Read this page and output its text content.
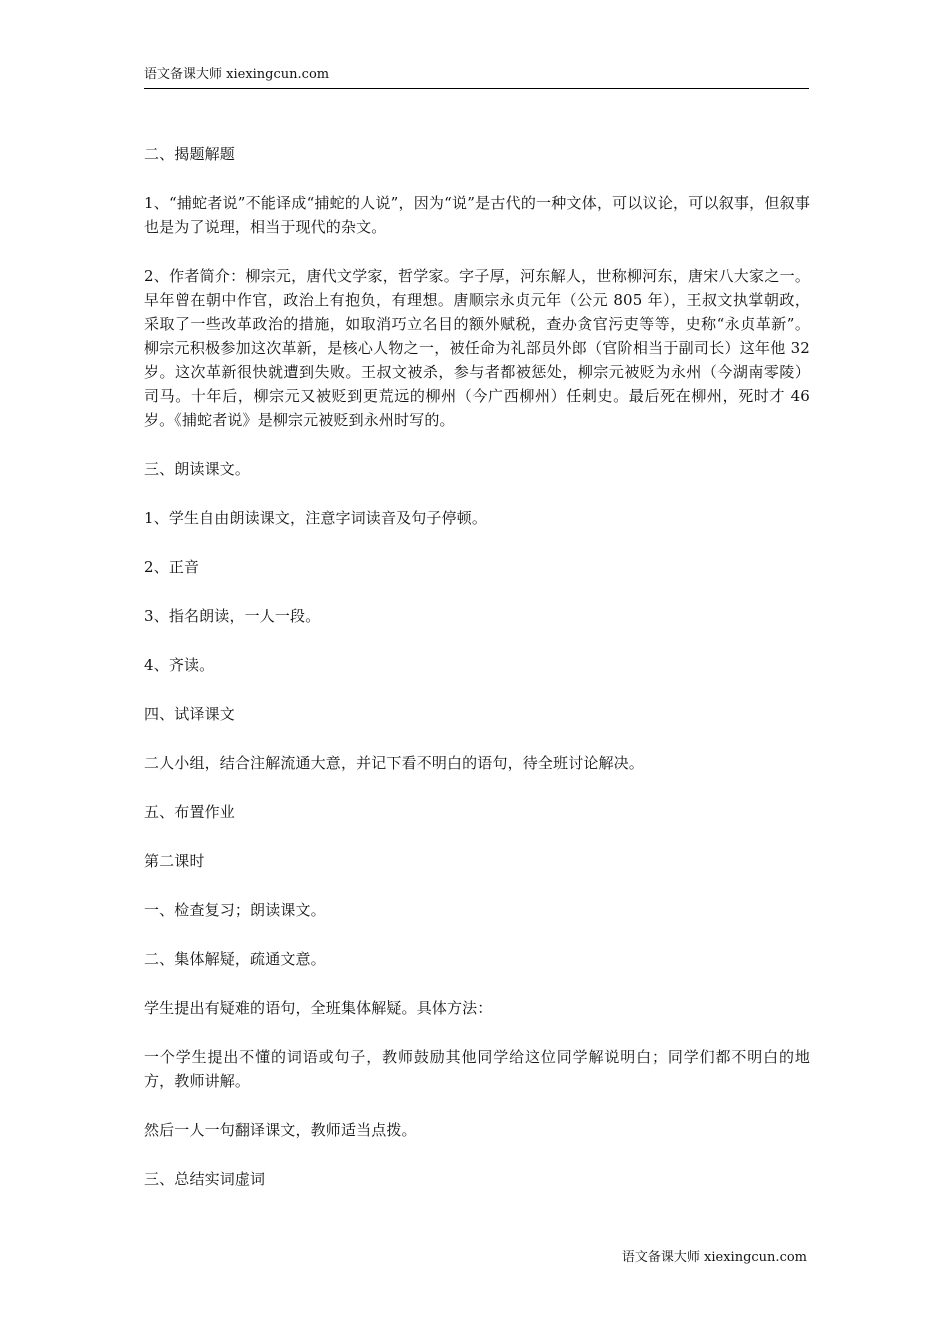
语文备课大师 xiexingcun.com

二、揭题解题

1、“捕蛇者说”不能译成“捕蛇的人说”，因为“说”是古代的一种文体，可以议论，可以叙事，但叙事也是为了说理，相当于现代的杂文。

2、作者简介：柳宗元，唐代文学家，哲学家。字子厚，河东解人，世称柳河东，唐宋八大家之一。早年曾在朝中作官，政治上有抱负，有理想。唐顺宗永贞元年（公元 805 年），王叔文执掌朝政，采取了一些改革政治的措施，如取消巧立名目的额外赋税，查办贪官污吏等等，史称“永贞革新”。柳宗元积极参加这次革新，是核心人物之一，被任命为礼部员外郎（官阶相当于副司长）这年他 32 岁。这次革新很快就遭到失败。王叔文被杀，参与者都被惩处，柳宗元被贬为永州（今湖南零陵）司马。十年后，柳宗元又被贬到更荒远的柳州（今广西柳州）任刺史。最后死在柳州，死时才 46 岁。《捕蛇者说》是柳宗元被贬到永州时写的。

三、朗读课文。

1、学生自由朗读课文，注意字词读音及句子停顿。

2、正音

3、指名朗读，一人一段。

4、齐读。

四、试译课文

二人小组，结合注解流通大意，并记下看不明白的语句，待全班讨论解决。

五、布置作业

第二课时

一、检查复习；朗读课文。

二、集体解疑，疏通文意。

学生提出有疑难的语句，全班集体解疑。具体方法：

一个学生提出不懂的词语或句子，教师鼓励其他同学给这位同学解说明白；同学们都不明白的地方，教师讲解。

然后一人一句翻译课文，教师适当点拨。

三、总结实词虚词

语文备课大师 xiexingcun.com
